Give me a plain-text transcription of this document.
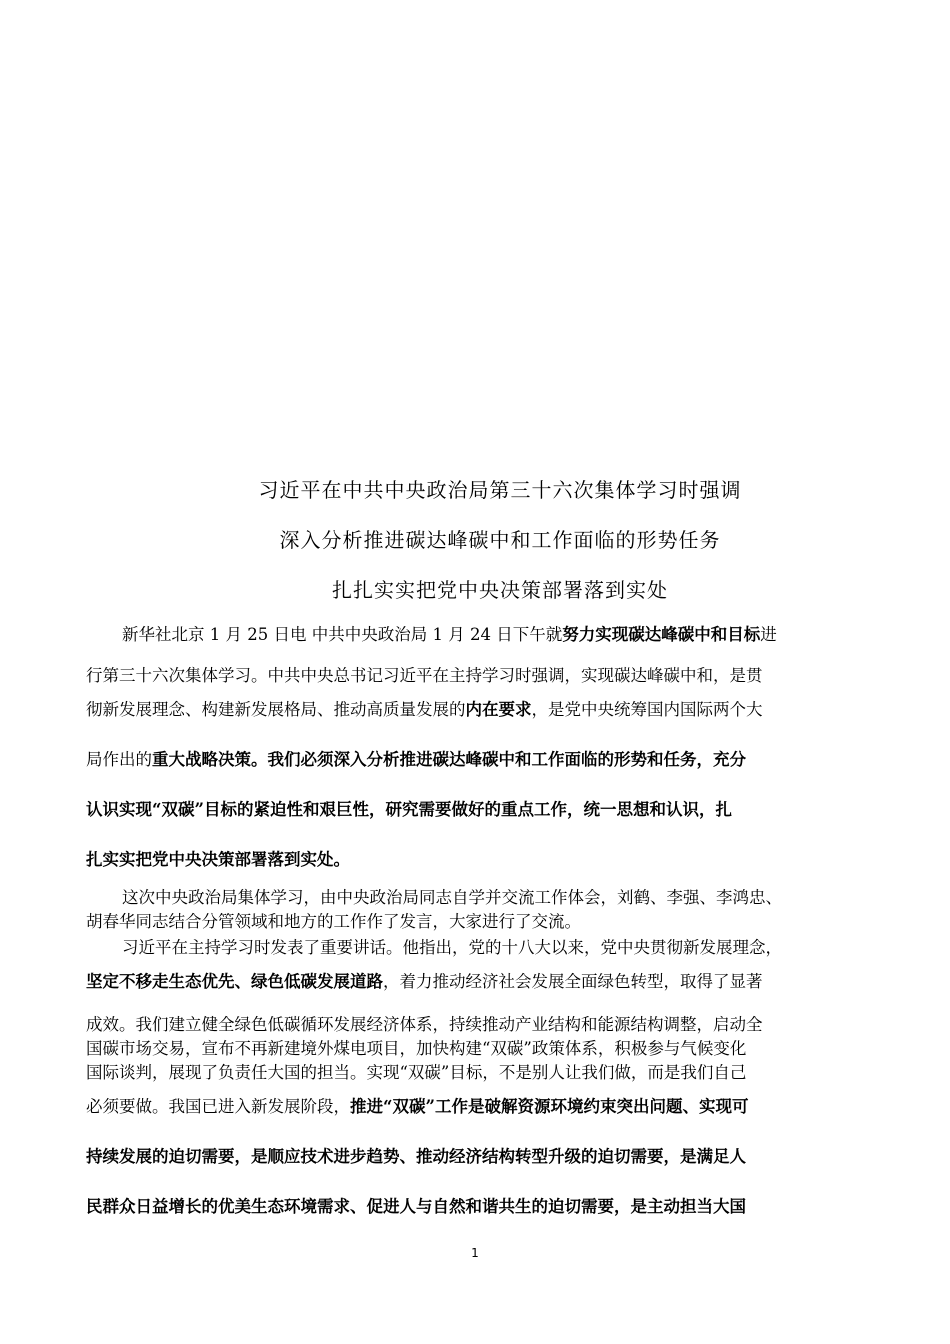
习近平在中共中央政治局第三十六次集体学习时强调
深入分析推进碳达峰碳中和工作面临的形势任务
扎扎实实把党中央决策部署落到实处
新华社北京 1 月 25 日电 中共中央政治局 1 月 24 日下午就努力实现碳达峰碳中和目标进
行第三十六次集体学习。中共中央总书记习近平在主持学习时强调，实现碳达峰碳中和，是贯
彻新发展理念、构建新发展格局、推动高质量发展的内在要求，是党中央统筹国内国际两个大
局作出的重大战略决策。我们必须深入分析推进碳达峰碳中和工作面临的形势和任务，充分
认识实现“双碳”目标的紧迫性和艰巨性，研究需要做好的重点工作，统一思想和认识，扎
扎实实把党中央决策部署落到实处。
这次中央政治局集体学习，由中央政治局同志自学并交流工作体会，刘鹤、李强、李鸿忠、
胡春华同志结合分管领域和地方的工作作了发言，大家进行了交流。
习近平在主持学习时发表了重要讲话。他指出，党的十八大以来，党中央贯彻新发展理念，
坚定不移走生态优先、绿色低碳发展道路，着力推动经济社会发展全面绿色转型，取得了显著
成效。我们建立健全绿色低碳循环发展经济体系，持续推动产业结构和能源结构调整，启动全
国碳市场交易，宣布不再新建境外煤电项目，加快构建“双碳”政策体系，积极参与气候变化
国际谈判，展现了负责任大国的担当。实现“双碳”目标，不是别人让我们做，而是我们自己
必须要做。我国已进入新发展阶段，推进“双碳”工作是破解资源环境约束突出问题、实现可
持续发展的迫切需要，是顺应技术进步趋势、推动经济结构转型升级的迫切需要，是满足人
民群众日益增长的优美生态环境需求、促进人与自然和谐共生的迫切需要，是主动担当大国
1
